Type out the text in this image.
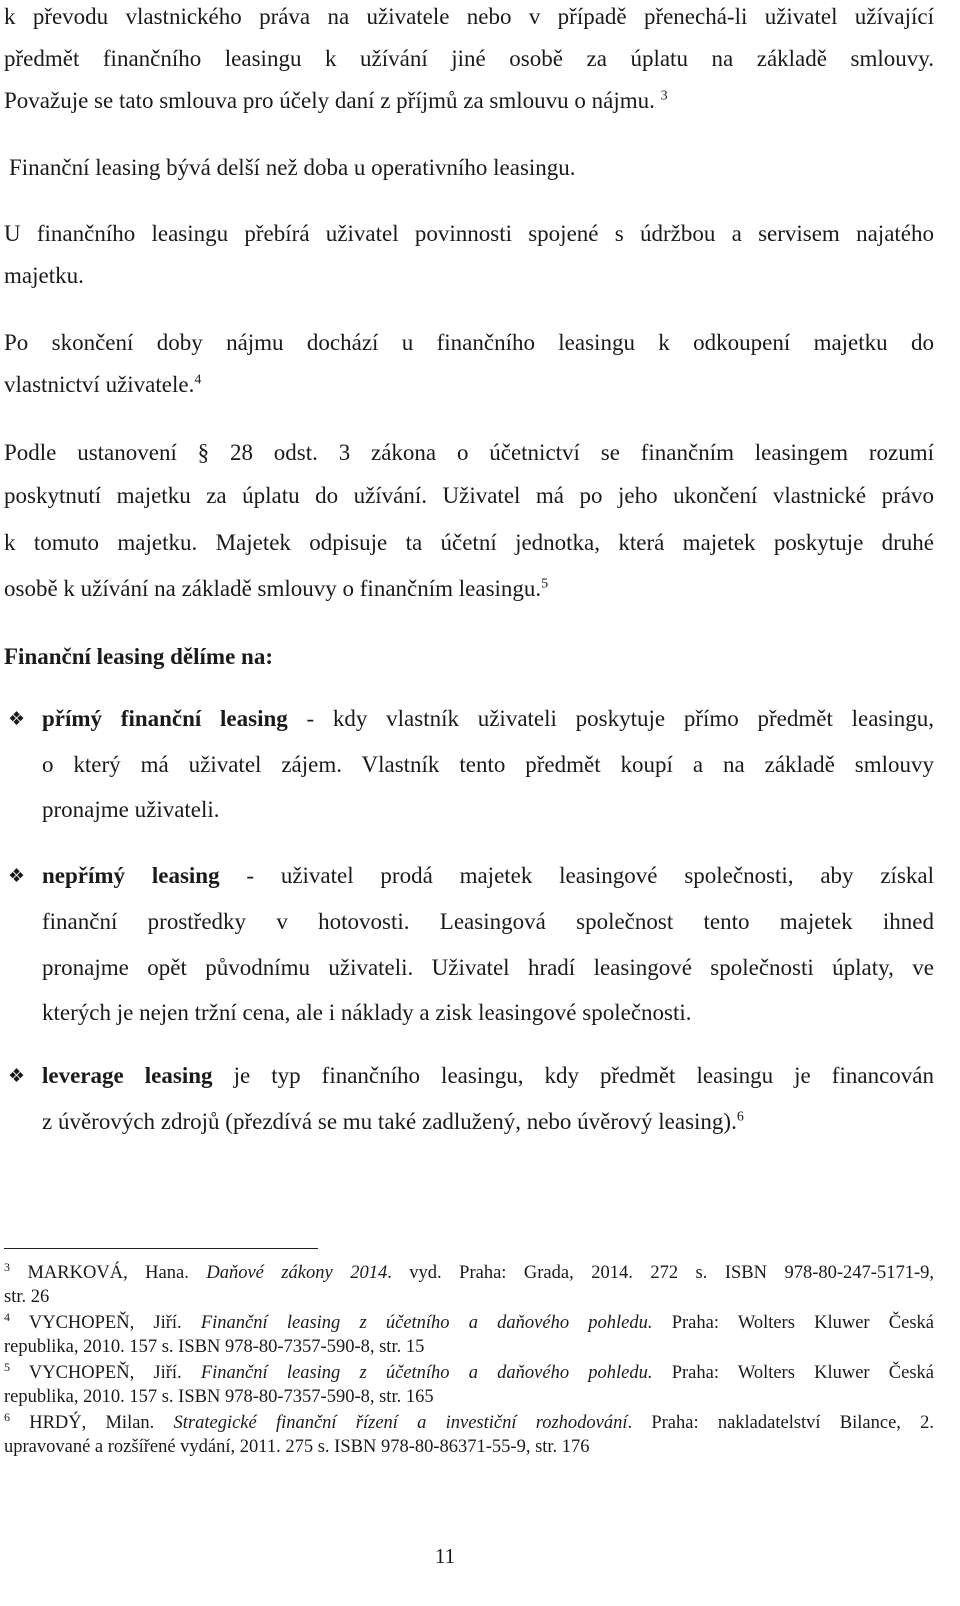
k převodu vlastnického práva na uživatele nebo v případě přenechá-li uživatel užívající
předmět finančního leasingu k užívání jiné osobě za úplatu na základě smlouvy.
Považuje se tato smlouva pro účely daní z příjmů za smlouvu o nájmu. $^3$
Finanční leasing bývá delší než doba u operativního leasingu.
U finančního leasingu přebírá uživatel povinnosti spojené s údržbou a servisem najatého
majetku.
Po skončení doby nájmu dochází u finančního leasingu k odkoupení majetku do
vlastnictví uživatele.$^4$
Podle ustanovení § 28 odst. 3 zákona o účetnictví se finančním leasingem rozumí
poskytnutí majetku za úplatu do užívání. Uživatel má po jeho ukončení vlastnické právo
k tomuto majetku. Majetek odpisuje ta účetní jednotka, která majetek poskytuje druhé
osobě k užívání na základě smlouvy o finančním leasingu.$^5$
Finanční leasing dělíme na:
❖ přímý finanční leasing - kdy vlastník uživateli poskytuje přímo předmět leasingu,
o který má uživatel zájem. Vlastník tento předmět koupí a na základě smlouvy
pronajme uživateli.
❖ nepřímý leasing - uživatel prodá majetek leasingové společnosti, aby získal
finanční prostředky v hotovosti. Leasingová společnost tento majetek ihned
pronajme opět původnímu uživateli. Uživatel hradí leasingové společnosti úplaty, ve
kterých je nejen tržní cena, ale i náklady a zisk leasingové společnosti.
❖ leverage leasing je typ finančního leasingu, kdy předmět leasingu je financován
z úvěrových zdrojů (přezdívá se mu také zadlužený, nebo úvěrový leasing).$^6$
$^3$ MARKOVÁ, Hana. Daňové zákony 2014. vyd. Praha: Grada, 2014. 272 s. ISBN 978-80-247-5171-9,
str. 26
$^4$ VYCHOPEŇ, Jiří. Finanční leasing z účetního a daňového pohledu. Praha: Wolters Kluwer Česká
republika, 2010. 157 s. ISBN 978-80-7357-590-8, str. 15
$^5$ VYCHOPEŇ, Jiří. Finanční leasing z účetního a daňového pohledu. Praha: Wolters Kluwer Česká
republika, 2010. 157 s. ISBN 978-80-7357-590-8, str. 165
$^6$ HRDÝ, Milan. Strategické finanční řízení a investiční rozhodování. Praha: nakladatelství Bilance, 2.
upravované a rozšířené vydání, 2011. 275 s. ISBN 978-80-86371-55-9, str. 176
11
